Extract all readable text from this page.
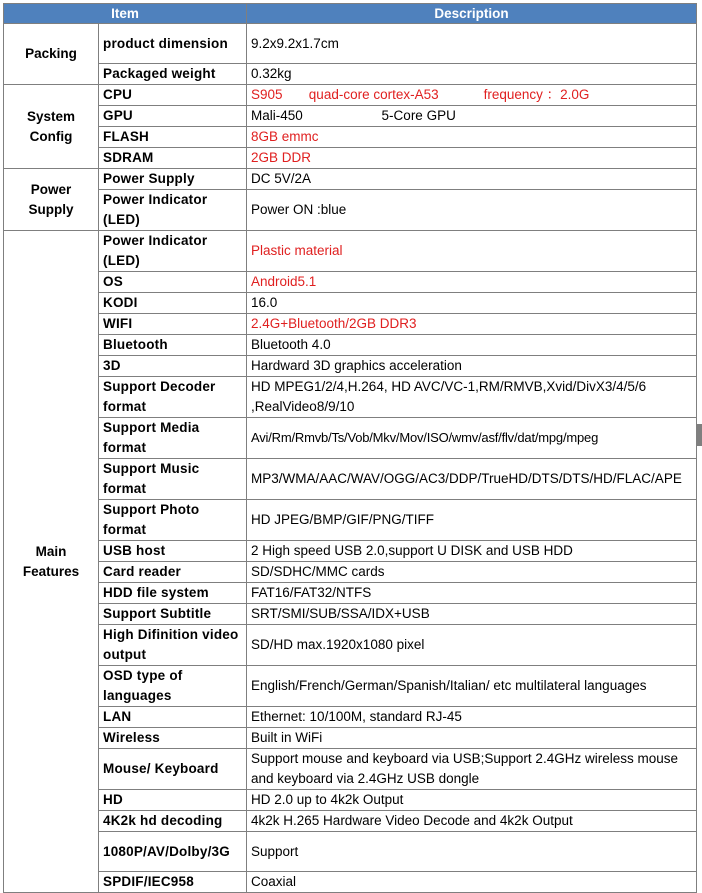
Item		Description
Packing	product dimension	9.2x9.2x1.7cm
	Packaged weight	0.32kg
System Config	CPU	S905       quad-core cortex-A53            frequency ：2.0G
	GPU	Mali-450                     5-Core GPU
	FLASH	8GB emmc
	SDRAM	2GB DDR
Power Supply	Power Supply	DC 5V/2A
	Power Indicator (LED)	Power ON :blue
Main Features	Power Indicator (LED)	Plastic material
	OS	Android5.1
	KODI	16.0
	WIFI	2.4G+Bluetooth/2GB DDR3
	Bluetooth	Bluetooth 4.0
	3D	Hardward 3D graphics acceleration
	Support Decoder format	HD MPEG1/2/4,H.264, HD AVC/VC-1,RM/RMVB,Xvid/DivX3/4/5/6 ,RealVideo8/9/10
	Support Media format	Avi/Rm/Rmvb/Ts/Vob/Mkv/Mov/ISO/wmv/asf/flv/dat/mpg/mpeg
	Support Music format	MP3/WMA/AAC/WAV/OGG/AC3/DDP/TrueHD/DTS/DTS/HD/FLAC/APE
	Support Photo format	HD JPEG/BMP/GIF/PNG/TIFF
	USB host	2 High speed USB 2.0,support U DISK and USB HDD
	Card reader	SD/SDHC/MMC cards
	HDD file system	FAT16/FAT32/NTFS
	Support Subtitle	SRT/SMI/SUB/SSA/IDX+USB
	High Difinition video output	SD/HD max.1920x1080 pixel
	OSD type of languages	English/French/German/Spanish/Italian/ etc multilateral languages
	LAN	Ethernet: 10/100M, standard RJ-45
	Wireless	Built in WiFi
	Mouse/ Keyboard	Support mouse and keyboard via USB;Support 2.4GHz wireless mouse and keyboard via 2.4GHz USB dongle
	HD	HD 2.0 up to 4k2k Output
	4K2k hd decoding	4k2k H.265 Hardware Video Decode and 4k2k Output
	1080P/AV/Dolby/3G	Support
	SPDIF/IEC958	Coaxial
